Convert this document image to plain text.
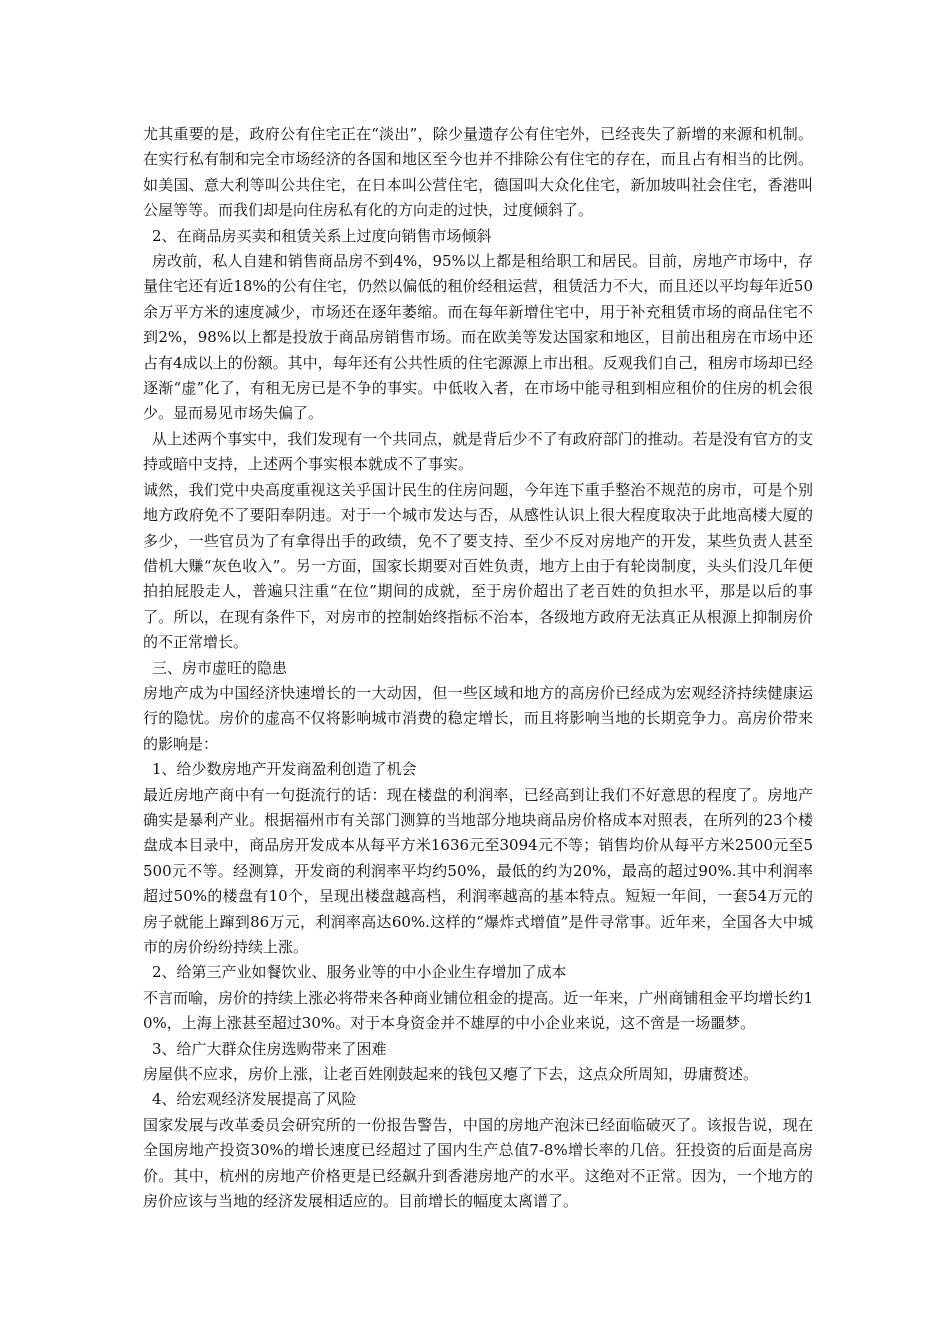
尤其重要的是，政府公有住宅正在“淡出”，除少量遗存公有住宅外，已经丧失了新增的来源和机制。在实行私有制和完全市场经济的各国和地区至今也并不排除公有住宅的存在，而且占有相当的比例。如美国、意大利等叫公共住宅，在日本叫公营住宅，德国叫大众化住宅，新加坡叫社会住宅，香港叫公屋等等。而我们却是向住房私有化的方向走的过快，过度倾斜了。

2、在商品房买卖和租赁关系上过度向销售市场倾斜

房改前，私人自建和销售商品房不到4%，95%以上都是租给职工和居民。目前，房地产市场中，存量住宅还有近18%的公有住宅，仍然以偏低的租价经租运营，租赁活力不大，而且还以平均每年近50余万平方米的速度减少，市场还在逐年萎缩。而在每年新增住宅中，用于补充租赁市场的商品住宅不到2%，98%以上都是投放于商品房销售市场。而在欧美等发达国家和地区，目前出租房在市场中还占有4成以上的份额。其中，每年还有公共性质的住宅源源上市出租。反观我们自己，租房市场却已经逐渐“虚”化了，有租无房已是不争的事实。中低收入者，在市场中能寻租到相应租价的住房的机会很少。显而易见市场失偏了。

从上述两个事实中，我们发现有一个共同点，就是背后少不了有政府部门的推动。若是没有官方的支持或暗中支持，上述两个事实根本就成不了事实。

诚然，我们党中央高度重视这关乎国计民生的住房问题，今年连下重手整治不规范的房市，可是个别地方政府免不了要阳奉阴违。对于一个城市发达与否，从感性认识上很大程度取决于此地高楼大厦的多少，一些官员为了有拿得出手的政绩，免不了要支持、至少不反对房地产的开发，某些负责人甚至借机大赚“灰色收入”。另一方面，国家长期要对百姓负责，地方上由于有轮岗制度，头头们没几年便拍拍屁股走人，普遍只注重“在位”期间的成就，至于房价超出了老百姓的负担水平，那是以后的事了。所以，在现有条件下，对房市的控制始终指标不治本，各级地方政府无法真正从根源上抑制房价的不正常增长。

三、房市虚旺的隐患

房地产成为中国经济快速增长的一大动因，但一些区域和地方的高房价已经成为宏观经济持续健康运行的隐忧。房价的虚高不仅将影响城市消费的稳定增长，而且将影响当地的长期竞争力。高房价带来的影响是：

1、给少数房地产开发商盈利创造了机会

最近房地产商中有一句挺流行的话：现在楼盘的利润率，已经高到让我们不好意思的程度了。房地产确实是暴利产业。根据福州市有关部门测算的当地部分地块商品房价格成本对照表，在所列的23个楼盘成本目录中，商品房开发成本从每平方米1636元至3094元不等；销售均价从每平方米2500元至5500元不等。经测算，开发商的利润率平均约50%，最低的约为20%，最高的超过90%.其中利润率超过50%的楼盘有10个，呈现出楼盘越高档，利润率越高的基本特点。短短一年间，一套54万元的房子就能上蹿到86万元，利润率高达60%.这样的“爆炸式增值”是件寻常事。近年来，全国各大中城市的房价纷纷持续上涨。

2、给第三产业如餐饮业、服务业等的中小企业生存增加了成本

不言而喻，房价的持续上涨必将带来各种商业铺位租金的提高。近一年来，广州商铺租金平均增长约10%，上海上涨甚至超过30%。对于本身资金并不雄厚的中小企业来说，这不啻是一场噩梦。

3、给广大群众住房选购带来了困难

房屋供不应求，房价上涨，让老百姓刚鼓起来的钱包又瘪了下去，这点众所周知，毋庸赘述。

4、给宏观经济发展提高了风险

国家发展与改革委员会研究所的一份报告警告，中国的房地产泡沫已经面临破灭了。该报告说，现在全国房地产投资30%的增长速度已经超过了国内生产总值7-8%增长率的几倍。狂投资的后面是高房价。其中，杭州的房地产价格更是已经飙升到香港房地产的水平。这绝对不正常。因为，一个地方的房价应该与当地的经济发展相适应的。目前增长的幅度太离谱了。
